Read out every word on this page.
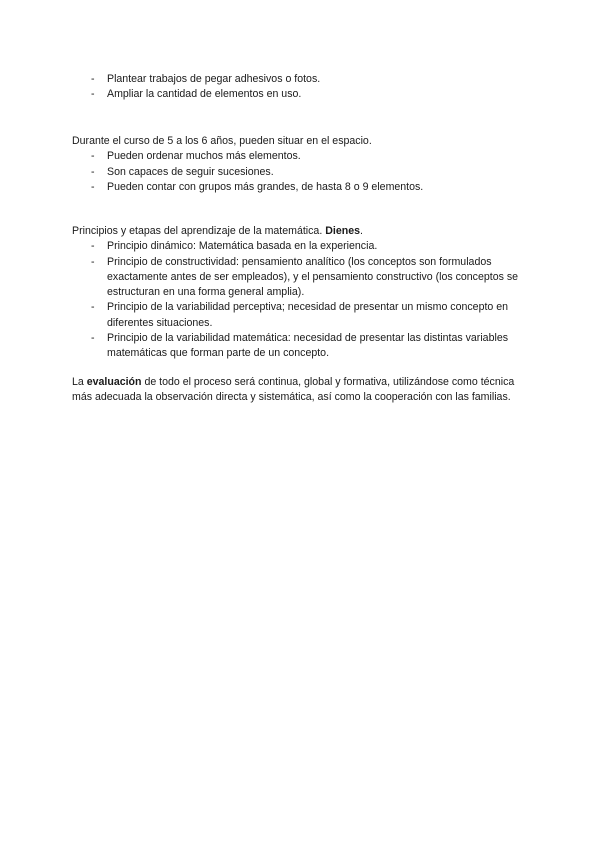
- Plantear trabajos de pegar adhesivos o fotos.
- Ampliar la cantidad de elementos en uso.

Durante el curso de 5 a los 6 años, pueden situar en el espacio.

- Pueden ordenar muchos más elementos.
- Son capaces de seguir sucesiones.
- Pueden contar con grupos más grandes, de hasta 8 o 9 elementos.

Principios y etapas del aprendizaje de la matemática. Dienes.

- Principio dinámico: Matemática basada en la experiencia.
- Principio de constructividad: pensamiento analítico (los conceptos son formulados exactamente antes de ser empleados), y el pensamiento constructivo (los conceptos se estructuran en una forma general amplia).
- Principio de la variabilidad perceptiva; necesidad de presentar un mismo concepto en diferentes situaciones.
- Principio de la variabilidad matemática: necesidad de presentar las distintas variables matemáticas que forman parte de un concepto.

La evaluación de todo el proceso será continua, global y formativa, utilizándose como técnica más adecuada la observación directa y sistemática, así como la cooperación con las familias.
